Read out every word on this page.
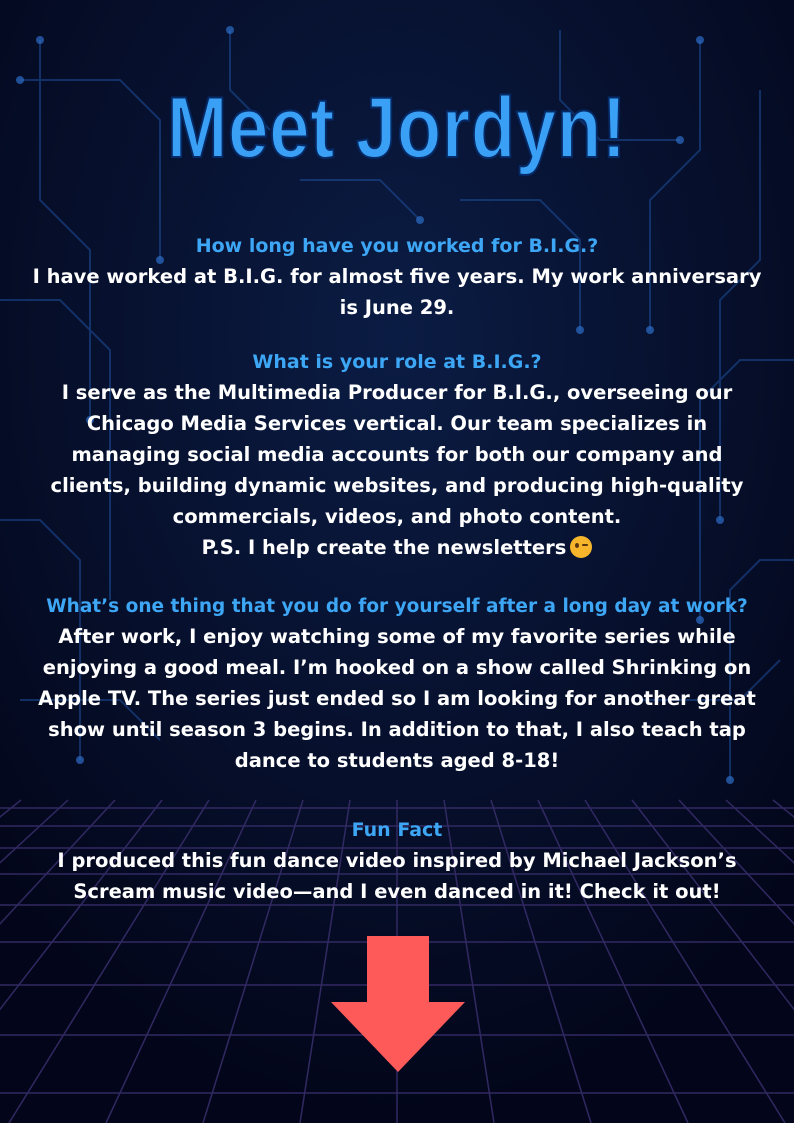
Meet Jordyn!
How long have you worked for B.I.G.?

I have worked at B.I.G. for almost five years. My work anniversary

is June 29.

What is your role at B.I.G.?

I serve as the Multimedia Producer for B.I.G., overseeing our

Chicago Media Services vertical. Our team specializes in

managing social media accounts for both our company and

clients, building dynamic websites, and producing high-quality

commercials, videos, and photo content.

P.S. I help create the newsletters

What’s one thing that you do for yourself after a long day at work?

After work, I enjoy watching some of my favorite series while

enjoying a good meal. I’m hooked on a show called Shrinking on

Apple TV. The series just ended so I am looking for another great

show until season 3 begins. In addition to that, I also teach tap

dance to students aged 8-18!

Fun Fact

I produced this fun dance video inspired by Michael Jackson’s

Scream music video—and I even danced in it! Check it out!
